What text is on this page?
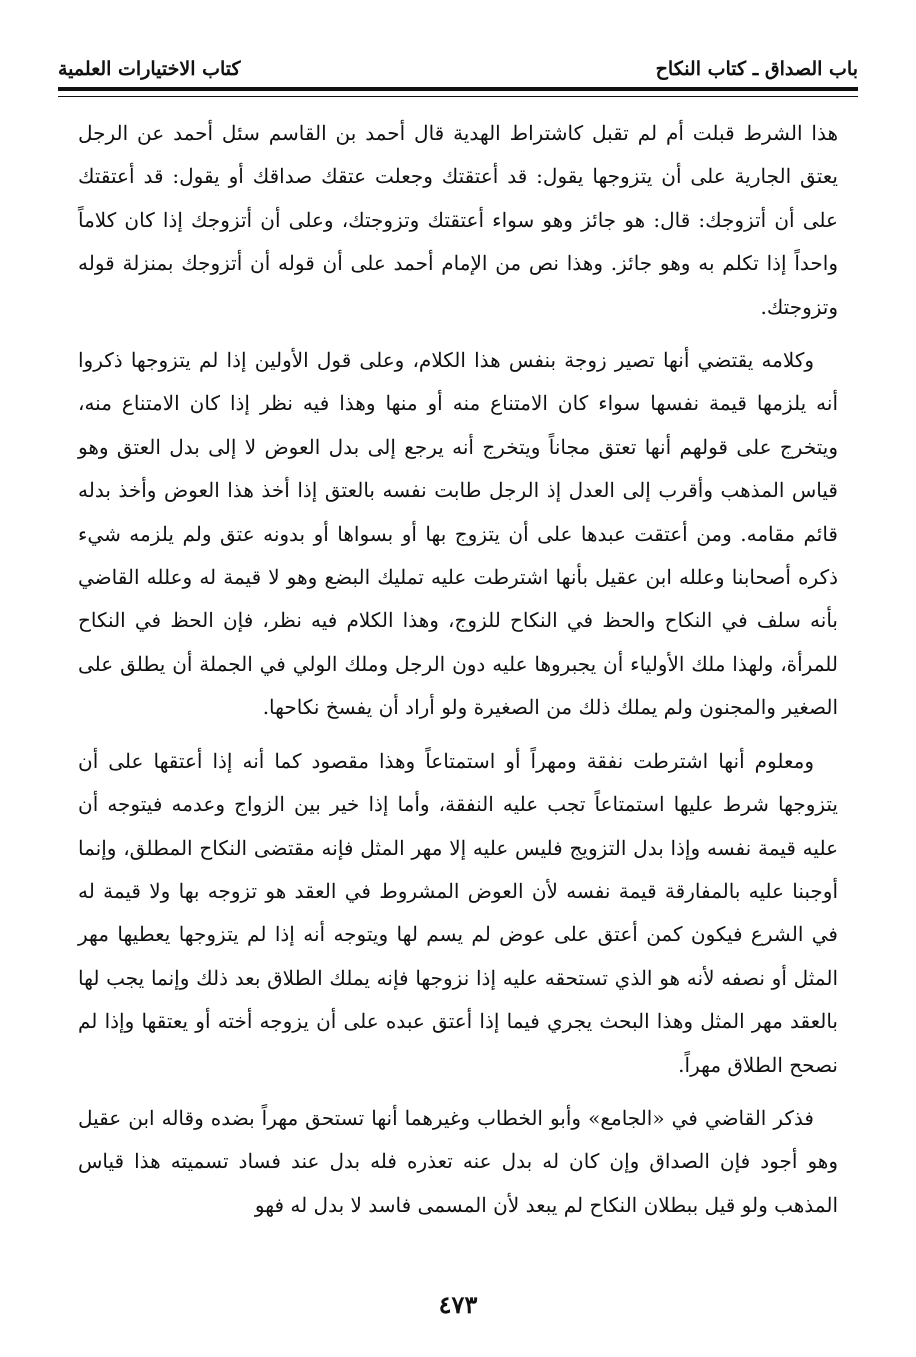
باب الصداق ـ كتاب النكاح
كتاب الاختيارات العلمية

هذا الشرط قبلت أم لم تقبل كاشتراط الهدية قال أحمد بن القاسم سئل أحمد عن الرجل يعتق الجارية على أن يتزوجها يقول: قد أعتقتك وجعلت عتقك صداقك أو يقول: قد أعتقتك على أن أتزوجك: قال: هو جائز وهو سواء أعتقتك وتزوجتك، وعلى أن أتزوجك إذا كان كلاماً واحداً إذا تكلم به وهو جائز. وهذا نص من الإمام أحمد على أن قوله أن أتزوجك بمنزلة قوله وتزوجتك.

وكلامه يقتضي أنها تصير زوجة بنفس هذا الكلام، وعلى قول الأولين إذا لم يتزوجها ذكروا أنه يلزمها قيمة نفسها سواء كان الامتناع منه أو منها وهذا فيه نظر إذا كان الامتناع منه، ويتخرج على قولهم أنها تعتق مجاناً ويتخرج أنه يرجع إلى بدل العوض لا إلى بدل العتق وهو قياس المذهب وأقرب إلى العدل إذ الرجل طابت نفسه بالعتق إذا أخذ هذا العوض وأخذ بدله قائم مقامه. ومن أعتقت عبدها على أن يتزوج بها أو بسواها أو بدونه عتق ولم يلزمه شيء ذكره أصحابنا وعلله ابن عقيل بأنها اشترطت عليه تمليك البضع وهو لا قيمة له وعلله القاضي بأنه سلف في النكاح والحظ في النكاح للزوج، وهذا الكلام فيه نظر، فإن الحظ في النكاح للمرأة، ولهذا ملك الأولياء أن يجبروها عليه دون الرجل وملك الولي في الجملة أن يطلق على الصغير والمجنون ولم يملك ذلك من الصغيرة ولو أراد أن يفسخ نكاحها.

ومعلوم أنها اشترطت نفقة ومهراً أو استمتاعاً وهذا مقصود كما أنه إذا أعتقها على أن يتزوجها شرط عليها استمتاعاً تجب عليه النفقة، وأما إذا خير بين الزواج وعدمه فيتوجه أن عليه قيمة نفسه وإذا بدل التزويج فليس عليه إلا مهر المثل فإنه مقتضى النكاح المطلق، وإنما أوجبنا عليه بالمفارقة قيمة نفسه لأن العوض المشروط في العقد هو تزوجه بها ولا قيمة له في الشرع فيكون كمن أعتق على عوض لم يسم لها ويتوجه أنه إذا لم يتزوجها يعطيها مهر المثل أو نصفه لأنه هو الذي تستحقه عليه إذا نزوجها فإنه يملك الطلاق بعد ذلك وإنما يجب لها بالعقد مهر المثل وهذا البحث يجري فيما إذا أعتق عبده على أن يزوجه أخته أو يعتقها وإذا لم نصحح الطلاق مهراً.

فذكر القاضي في «الجامع» وأبو الخطاب وغيرهما أنها تستحق مهراً بضده وقاله ابن عقيل وهو أجود فإن الصداق وإن كان له بدل عنه تعذره فله بدل عند فساد تسميته هذا قياس المذهب ولو قيل ببطلان النكاح لم يبعد لأن المسمى فاسد لا بدل له فهو

٤٧٣
